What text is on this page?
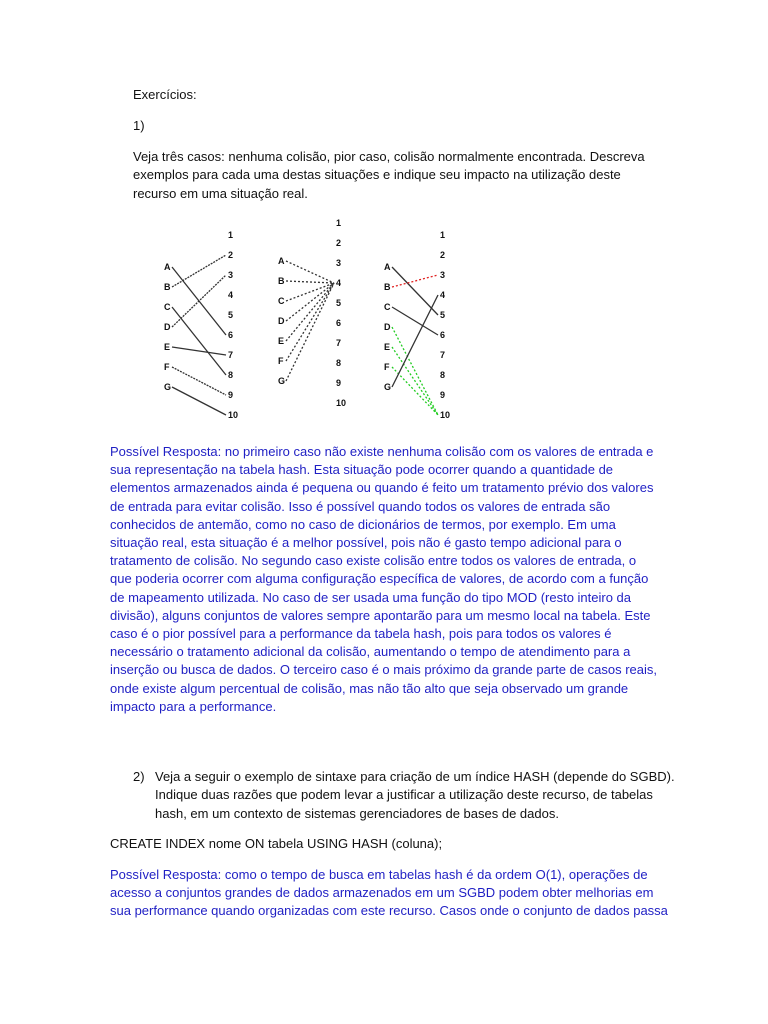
Exercícios:
1)
Veja três casos: nenhuma colisão, pior caso, colisão normalmente encontrada. Descreva
exemplos para cada uma destas situações e indique seu impacto na utilização deste
recurso em uma situação real.
A
B
C
D
E
F
G
1
2
3
4
5
6
7
8
9
10
A
B
C
D
E
F
G
1
2
3
4
5
6
7
8
9
10
A
B
C
D
E
F
G
1
2
3
4
5
6
7
8
9
10
Possível Resposta: no primeiro caso não existe nenhuma colisão com os valores de entrada e
sua representação na tabela hash. Esta situação pode ocorrer quando a quantidade de
elementos armazenados ainda é pequena ou quando é feito um tratamento prévio dos valores
de entrada para evitar colisão. Isso é possível quando todos os valores de entrada são
conhecidos de antemão, como no caso de dicionários de termos, por exemplo. Em uma
situação real, esta situação é a melhor possível, pois não é gasto tempo adicional para o
tratamento de colisão. No segundo caso existe colisão entre todos os valores de entrada, o
que poderia ocorrer com alguma configuração específica de valores, de acordo com a função
de mapeamento utilizada. No caso de ser usada uma função do tipo MOD (resto inteiro da
divisão), alguns conjuntos de valores sempre apontarão para um mesmo local na tabela. Este
caso é o pior possível para a performance da tabela hash, pois para todos os valores é
necessário o tratamento adicional da colisão, aumentando o tempo de atendimento para a
inserção ou busca de dados. O terceiro caso é o mais próximo da grande parte de casos reais,
onde existe algum percentual de colisão, mas não tão alto que seja observado um grande
impacto para a performance.
2) Veja a seguir o exemplo de sintaxe para criação de um índice HASH (depende do SGBD).
Indique duas razões que podem levar a justificar a utilização deste recurso, de tabelas
hash, em um contexto de sistemas gerenciadores de bases de dados.
CREATE INDEX nome ON tabela USING HASH (coluna);
Possível Resposta: como o tempo de busca em tabelas hash é da ordem O(1), operações de
acesso a conjuntos grandes de dados armazenados em um SGBD podem obter melhorias em
sua performance quando organizadas com este recurso. Casos onde o conjunto de dados passa
